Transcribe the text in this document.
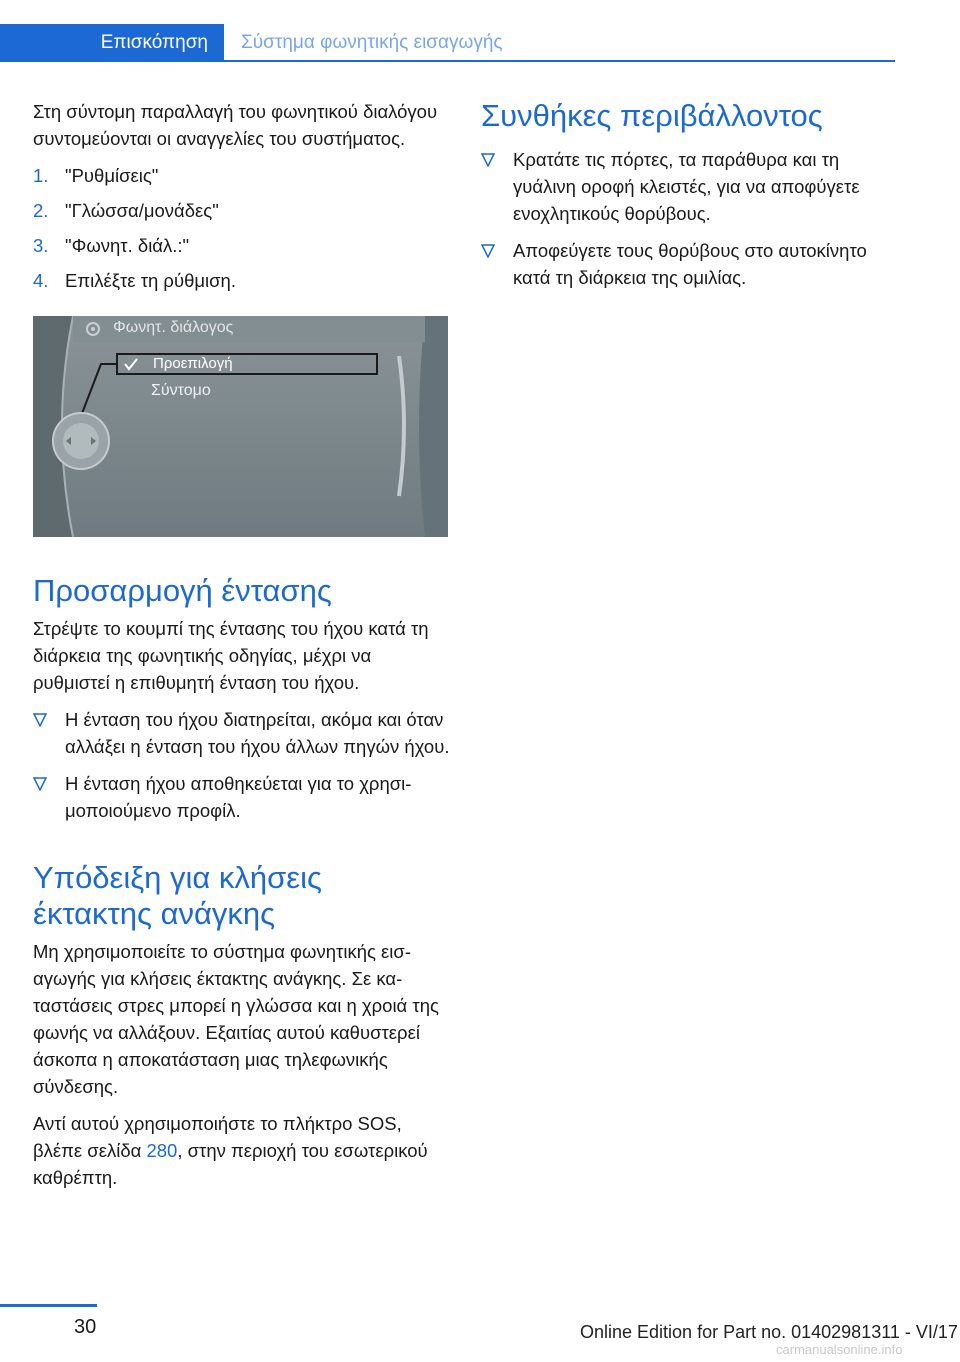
Επισκόπηση	Σύστημα φωνητικής εισαγωγής

Στη σύντομη παραλλαγή του φωνητικού διαλόγου συντομεύονται οι αναγγελίες του συστήματος.

1. "Ρυθμίσεις"
2. "Γλώσσα/μονάδες"
3. "Φωνητ. διάλ.:"
4. Επιλέξτε τη ρύθμιση.
Φωνητ. διάλογος
Προεπιλογή
Σύντομο
Προσαρμογή έντασης

Στρέψτε το κουμπί της έντασης του ήχου κατά τη διάρκεια της φωνητικής οδηγίας, μέχρι να ρυθμιστεί η επιθυμητή ένταση του ήχου.

Η ένταση του ήχου διατηρείται, ακόμα και όταν αλλάξει η ένταση του ήχου άλλων πηγών ήχου.
Η ένταση ήχου αποθηκεύεται για το χρησιμοποιούμενο προφίλ.
Υπόδειξη για κλήσεις
έκτακτης ανάγκης

Μη χρησιμοποιείτε το σύστημα φωνητικής εισαγωγής για κλήσεις έκτακτης ανάγκης. Σε καταστάσεις στρες μπορεί η γλώσσα και η χροιά της φωνής να αλλάξουν. Εξαιτίας αυτού καθυστερεί άσκοπα η αποκατάσταση μιας τηλεφωνικής σύνδεσης.

Αντί αυτού χρησιμοποιήστε το πλήκτρο SOS, βλέπε σελίδα 280, στην περιοχή του εσωτερικού καθρέπτη.

Συνθήκες περιβάλλοντος
Κρατάτε τις πόρτες, τα παράθυρα και τη γυάλινη οροφή κλειστές, για να αποφύγετε ενοχλητικούς θορύβους.
Αποφεύγετε τους θορύβους στο αυτοκίνητο κατά τη διάρκεια της ομιλίας.
30	Online Edition for Part no. 01402981311 - VI/17
carmanualsonline.info
